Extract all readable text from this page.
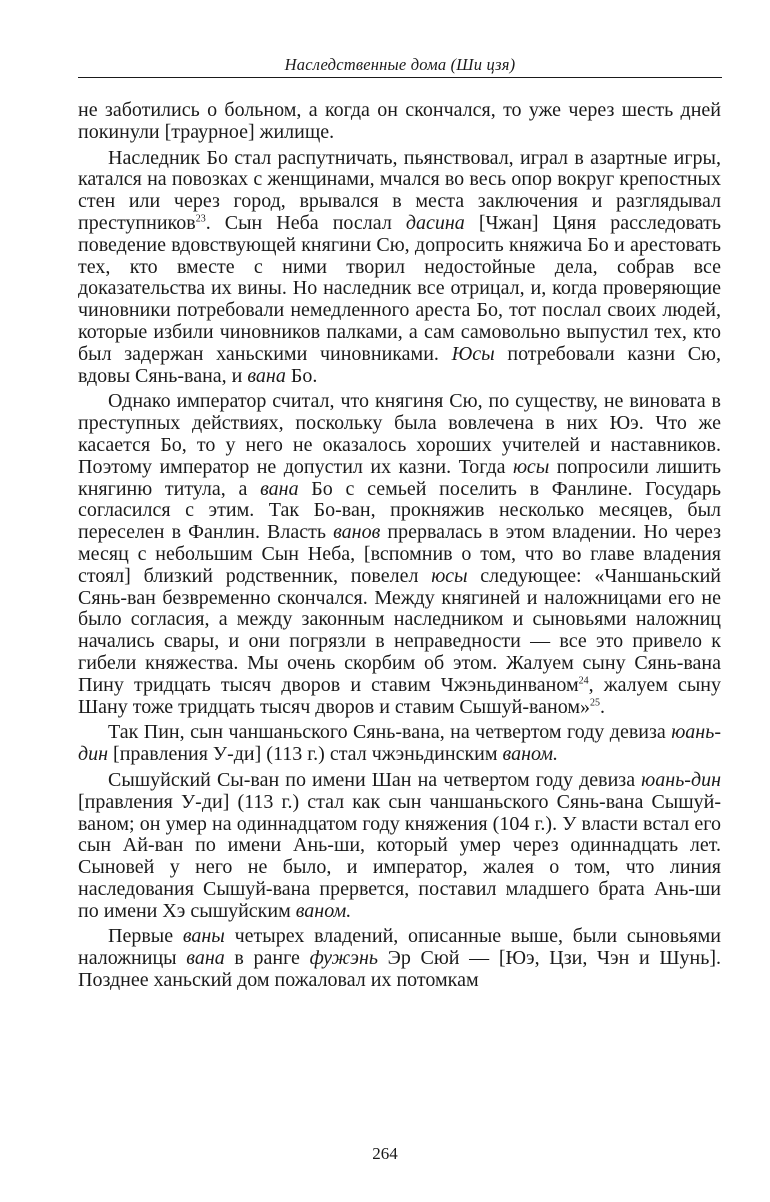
Наследственные дома (Ши цзя)

не заботились о больном, а когда он скончался, то уже через шесть дней покинули [траурное] жилище.

Наследник Бо стал распутничать, пьянствовал, играл в азартные игры, катался на повозках с женщинами, мчался во весь опор вокруг крепостных стен или через город, врывался в места заключения и разглядывал преступников$^{23}$. Сын Неба послал дасина [Чжан] Цяня расследовать поведение вдовствующей княгини Сю, допросить княжича Бо и арестовать тех, кто вместе с ними творил недостойные дела, собрав все доказательства их вины. Но наследник все отрицал, и, когда проверяющие чиновники потребовали немедленного ареста Бо, тот послал своих людей, которые избили чиновников палками, а сам самовольно выпустил тех, кто был задержан ханьскими чиновниками. Юсы потребовали казни Сю, вдовы Сянь-вана, и вана Бо.

Однако император считал, что княгиня Сю, по существу, не виновата в преступных действиях, поскольку была вовлечена в них Юэ. Что же касается Бо, то у него не оказалось хороших учителей и наставников. Поэтому император не допустил их казни. Тогда юсы попросили лишить княгиню титула, а вана Бо с семьей поселить в Фанлине. Государь согласился с этим. Так Бо-ван, прокняжив несколько месяцев, был переселен в Фанлин. Власть ванов прервалась в этом владении. Но через месяц с небольшим Сын Неба, [вспомнив о том, что во главе владения стоял] близкий родственник, повелел юсы следующее: «Чаншаньский Сянь-ван безвременно скончался. Между княгиней и наложницами его не было согласия, а между законным наследником и сыновьями наложниц начались свары, и они погрязли в неправедности — все это привело к гибели княжества. Мы очень скорбим об этом. Жалуем сыну Сянь-вана Пину тридцать тысяч дворов и ставим Чжэньдинваном$^{24}$, жалуем сыну Шану тоже тридцать тысяч дворов и ставим Сышуй-ваном»$^{25}$.

Так Пин, сын чаншаньского Сянь-вана, на четвертом году девиза юань-дин [правления У-ди] (113 г.) стал чжэньдинским ваном.

Сышуйский Сы-ван по имени Шан на четвертом году девиза юань-дин [правления У-ди] (113 г.) стал как сын чаншаньского Сянь-вана Сышуй-ваном; он умер на одиннадцатом году княжения (104 г.). У власти встал его сын Ай-ван по имени Ань-ши, который умер через одиннадцать лет. Сыновей у него не было, и император, жалея о том, что линия наследования Сышуй-вана прервется, поставил младшего брата Ань-ши по имени Хэ сышуйским ваном.

Первые ваны четырех владений, описанные выше, были сыновьями наложницы вана в ранге фужэнь Эр Сюй — [Юэ, Цзи, Чэн и Шунь]. Позднее ханьский дом пожаловал их потомкам

264
